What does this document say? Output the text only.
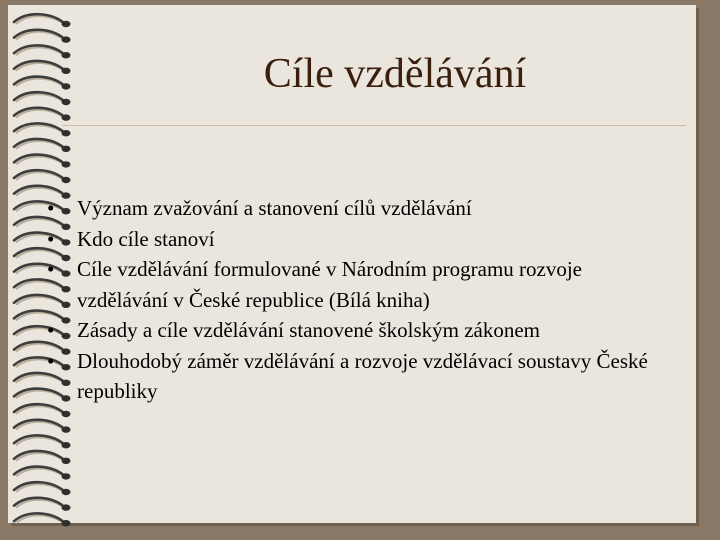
Cíle vzdělávání
• Význam zvažování a stanovení cílů vzdělávání
• Kdo cíle stanoví
• Cíle vzdělávání formulované v Národním programu rozvoje vzdělávání v České republice (Bílá kniha)
• Zásady a cíle vzdělávání stanovené školským zákonem
• Dlouhodobý záměr vzdělávání a rozvoje vzdělávací soustavy České republiky
